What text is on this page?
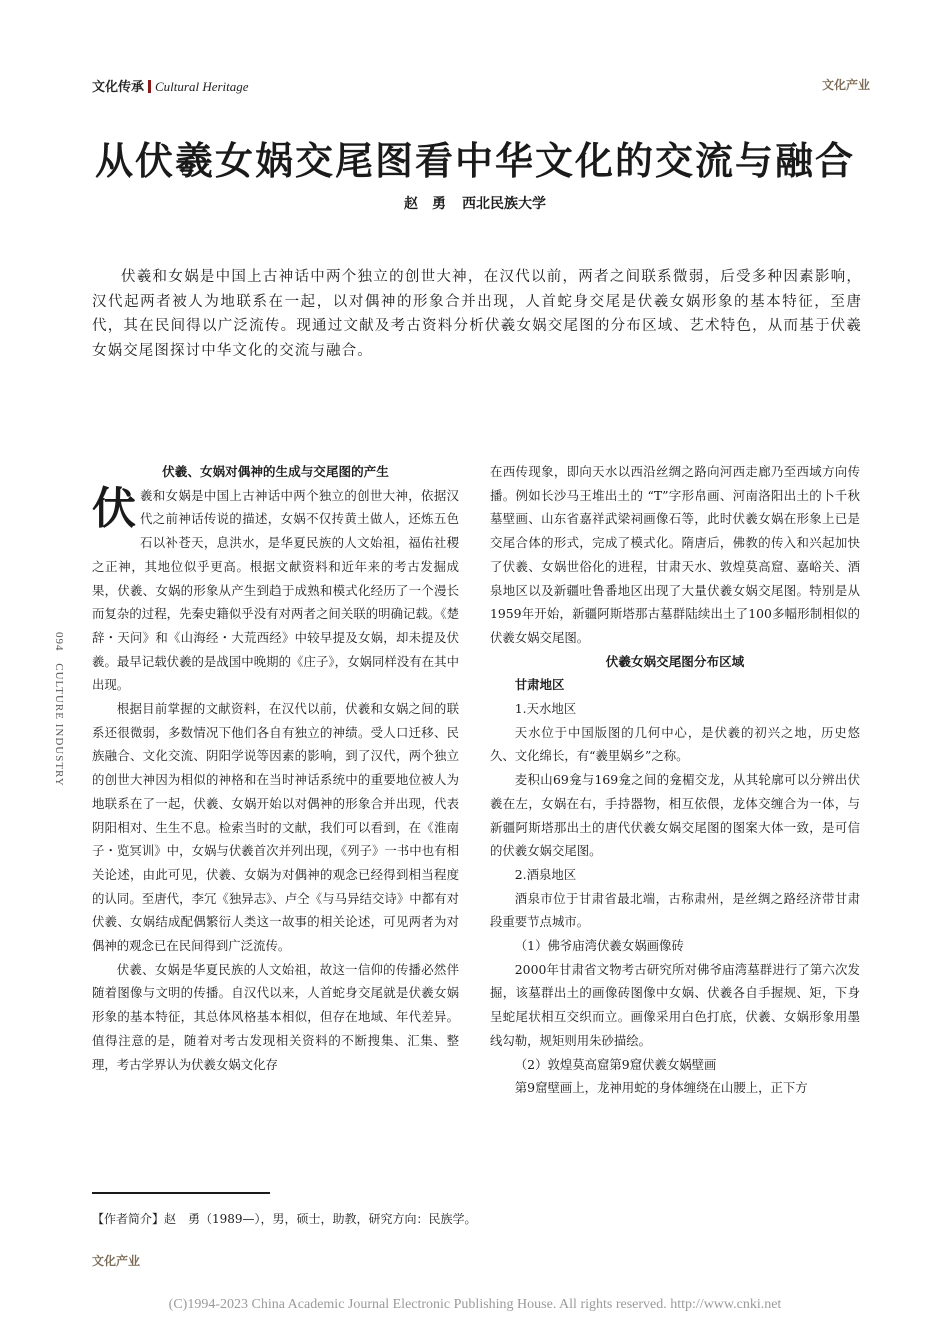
文化传承 Cultural Heritage	文化产业
从伏羲女娲交尾图看中华文化的交流与融合
赵　勇 西北民族大学
伏羲和女娲是中国上古神话中两个独立的创世大神，在汉代以前，两者之间联系微弱，后受多种因素影响，汉代起两者被人为地联系在一起，以对偶神的形象合并出现，人首蛇身交尾是伏羲女娲形象的基本特征，至唐代，其在民间得以广泛流传。现通过文献及考古资料分析伏羲女娲交尾图的分布区域、艺术特色，从而基于伏羲女娲交尾图探讨中华文化的交流与融合。
094 CULTURE INDUSTRY

伏羲、女娲对偶神的生成与交尾图的产生

伏羲和女娲是中国上古神话中两个独立的创世大神，依据汉代之前神话传说的描述，女娲不仅抟黄土做人，还炼五色石以补苍天，息洪水，是华夏民族的人文始祖，福佑社稷之正神，其地位似乎更高。根据文献资料和近年来的考古发掘成果，伏羲、女娲的形象从产生到趋于成熟和模式化经历了一个漫长而复杂的过程，先秦史籍似乎没有对两者之间关联的明确记载。《楚辞・天问》和《山海经・大荒西经》中较早提及女娲，却未提及伏羲。最早记载伏羲的是战国中晚期的《庄子》，女娲同样没有在其中出现。

根据目前掌握的文献资料，在汉代以前，伏羲和女娲之间的联系还很微弱，多数情况下他们各自有独立的神绩。受人口迁移、民族融合、文化交流、阴阳学说等因素的影响，到了汉代，两个独立的创世大神因为相似的神格和在当时神话系统中的重要地位被人为地联系在了一起，伏羲、女娲开始以对偶神的形象合并出现，代表阴阳相对、生生不息。检索当时的文献，我们可以看到，在《淮南子・览冥训》中，女娲与伏羲首次并列出现，《列子》一书中也有相关论述，由此可见，伏羲、女娲为对偶神的观念已经得到相当程度的认同。至唐代，李冗《独异志》、卢仝《与马异结交诗》中都有对伏羲、女娲结成配偶繁衍人类这一故事的相关论述，可见两者为对偶神的观念已在民间得到广泛流传。

伏羲、女娲是华夏民族的人文始祖，故这一信仰的传播必然伴随着图像与文明的传播。自汉代以来，人首蛇身交尾就是伏羲女娲形象的基本特征，其总体风格基本相似，但存在地域、年代差异。值得注意的是，随着对考古发现相关资料的不断搜集、汇集、整理，考古学界认为伏羲女娲文化存

在西传现象，即向天水以西沿丝绸之路向河西走廊乃至西域方向传播。例如长沙马王堆出土的 “T”字形帛画、河南洛阳出土的卜千秋墓壁画、山东省嘉祥武梁祠画像石等，此时伏羲女娲在形象上已是交尾合体的形式，完成了模式化。隋唐后，佛教的传入和兴起加快了伏羲、女娲世俗化的进程，甘肃天水、敦煌莫高窟、嘉峪关、酒泉地区以及新疆吐鲁番地区出现了大量伏羲女娲交尾图。特别是从1959年开始，新疆阿斯塔那古墓群陆续出土了100多幅形制相似的伏羲女娲交尾图。

伏羲女娲交尾图分布区域

甘肃地区

1.天水地区

天水位于中国版图的几何中心，是伏羲的初兴之地，历史悠久、文化绵长，有“羲里娲乡”之称。

麦积山69龛与169龛之间的龛楣交龙，从其轮廓可以分辨出伏羲在左，女娲在右，手持器物，相互依偎，龙体交缠合为一体，与新疆阿斯塔那出土的唐代伏羲女娲交尾图的图案大体一致，是可信的伏羲女娲交尾图。

2.酒泉地区

酒泉市位于甘肃省最北端，古称肃州，是丝绸之路经济带甘肃段重要节点城市。

（1）佛爷庙湾伏羲女娲画像砖

2000年甘肃省文物考古研究所对佛爷庙湾墓群进行了第六次发掘，该墓群出土的画像砖图像中女娲、伏羲各自手握规、矩，下身呈蛇尾状相互交织而立。画像采用白色打底，伏羲、女娲形象用墨线勾勒，规矩则用朱砂描绘。

（2）敦煌莫高窟第9窟伏羲女娲壁画

第9窟壁画上，龙神用蛇的身体缠绕在山腰上，正下方

【作者简介】赵　勇（1989—），男，硕士，助教，研究方向：民族学。
文化产业
(C)1994-2023 China Academic Journal Electronic Publishing House. All rights reserved. http://www.cnki.net
